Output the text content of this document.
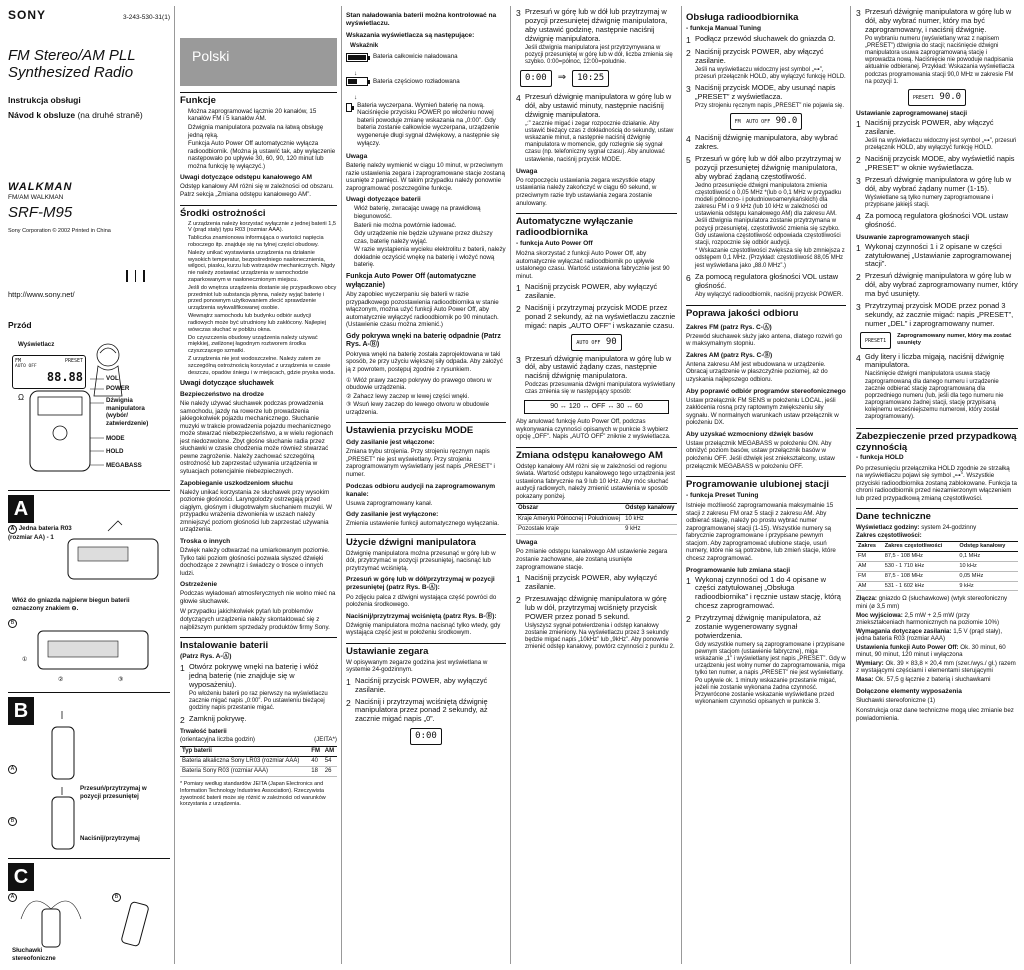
SONY	3-243-530-31(1)
FM Stereo/AM PLL
Synthesized Radio
Instrukcja obsługi
Návod k obsluze (na druhé straně)
WALKMAN
FM/AM WALKMAN
SRF-M95
Sony Corporation © 2002 Printed in China
http://www.sony.net/
Przód
Wyświetlacz
FM	PRESET
AUTO OFF
88.88
Ω
VOL
POWER
Dźwignia manipulatora (wybór/ zatwierdzenie)
MODE
HOLD
MEGABASS
A
A Jedna bateria R03 (rozmiar AA) - 1
①
②	③
Włóż do gniazda najpierw biegun baterii oznaczony znakiem ⊖.
B
B
A
Przesuń/przytrzymaj w pozycji przesuniętej
B
Naciśnij/przytrzymaj
C
A	B
Słuchawki stereofoniczne
Polski
Funkcje
• Można zaprogramować łącznie 20 kanałów, 15 kanałów FM i 5 kanałów AM.
• Dźwignia manipulatora pozwala na łatwą obsługę jedną ręką.
• Funkcja Auto Power Off automatycznie wyłącza radioodbiornik. (Można ją ustawić tak, aby wyłączenie następowało po upływie 30, 60, 90, 120 minut lub można funkcję tę wyłączyć.)
Uwagi dotyczące odstępu kanałowego AM

Odstęp kanałowy AM różni się w zależności od obszaru. Patrz sekcja „Zmiana odstępu kanałowego AM”.

Środki ostrożności
• Z urządzenia należy korzystać wyłącznie z jednej baterii 1,5 V (prąd stały) typu R03 (rozmiar AAA).
• Tabliczka znamionowa informująca o wartości napięcia roboczego itp. znajduje się na tylnej części obudowy.
• Należy unikać wystawiania urządzenia na działanie wysokich temperatur, bezpośredniego nasłonecznienia, wilgoci, piasku, kurzu lub wstrząsów mechanicznych. Nigdy nie należy zostawiać urządzenia w samochodzie zaparkowanym w nasłonecznionym miejscu.
• Jeśli do wnętrza urządzenia dostanie się przypadkowo obcy przedmiot lub substancja płynna, należy wyjąć baterię i przed ponownym użytkowaniem zlecić sprawdzenie urządzenia wykwalifikowanej osobie.
• Wewnątrz samochodu lub budynku odbiór audycji radiowych może być utrudniony lub zakłócony. Najlepiej wówczas słuchać w pobliżu okna.
• Do czyszczenia obudowy urządzenia należy używać miękkiej, zwilżonej łagodnym roztworem środka czyszczącego szmatki.
• Z urządzenia nie jest wodoszczelne. Należy zatem ze szczególną ostrożnością korzystać z urządzenia w czasie deszczu, opadów śniegu i w miejscach, gdzie pryska woda.
Uwagi dotyczące słuchawek
Bezpieczeństwo na drodze

Nie należy używać słuchawek podczas prowadzenia samochodu, jazdy na rowerze lub prowadzenia jakiegokolwiek pojazdu mechanicznego. Słuchanie muzyki w trakcie prowadzenia pojazdu mechanicznego może stwarzać niebezpieczeństwo, a w wielu regionach jest niedozwolone. Zbyt głośne słuchanie radia przez słuchawki w czasie chodzenia może również stwarzać pewne zagrożenie. Należy zachować szczególną ostrożność lub zaprzestać używania urządzenia w sytuacjach potencjalnie niebezpiecznych.

Zapobieganie uszkodzeniom słuchu

Należy unikać korzystania ze słuchawek przy wysokim poziomie głośności. Laryngolodzy ostrzegają przed ciągłym, głośnym i długotrwałym słuchaniem muzyki. W przypadku wrażenia dzwonienia w uszach należy zmniejszyć poziom głośności lub zaprzestać używania urządzenia.

Troska o innych

Dźwięk należy odtwarzać na umiarkowanym poziomie. Tylko taki poziom głośności pozwala słyszeć dźwięki dochodzące z zewnątrz i świadczy o trosce o innych ludzi.

Ostrzeżenie

Podczas wyładowań atmosferycznych nie wolno mieć na głowie słuchawek.

W przypadku jakichkolwiek pytań lub problemów dotyczących urządzenia należy skontaktować się z najbliższym punktem sprzedaży produktów firmy Sony.

Instalowanie baterii
(Patrz Rys. A-Ⓐ)
1 Otwórz pokrywę wnęki na baterię i włóż jedną baterię (nie znajduje się w wyposażeniu).
Po włożeniu baterii po raz pierwszy na wyświetlaczu zacznie migać napis „0:00”. Po ustawieniu bieżącej godziny napis przestanie migać.
2 Zamknij pokrywę.
Trwałość baterii
(orientacyjna liczba godzin)	(JEITA*)
Typ baterii	FM	AM
Bateria alkaliczna Sony LR03 (rozmiar AAA)	40	54
Bateria Sony R03 (rozmiar AAA)	18	26

* Pomiary według standardów JEITA (Japan Electronics and Information Technology Industries Association). Rzeczywista żywotność baterii może się różnić w zależności od warunków korzystania z urządzenia.

Stan naładowania baterii można kontrolować na wyświetlaczu.
Wskazania wyświetlacza są następujące:
Wskaźnik
Bateria całkowicie naładowana
↓
Bateria częściowo rozładowana
↓
Bateria wyczerpana. Wymień baterię na nową. Naciśnięcie przycisku POWER po włożeniu nowej baterii powoduje zmianę wskazania na „0:00”. Gdy bateria zostanie całkowicie wyczerpana, urządzenie wygeneruje długi sygnał dźwiękowy, a następnie się wyłączy.
Uwaga

Baterię należy wymienić w ciągu 10 minut, w przeciwnym razie ustawienia zegara i zaprogramowane stacje zostaną usunięte z pamięci. W takim przypadku należy ponownie zaprogramować poszczególne funkcje.

Uwagi dotyczące baterii
• Włóż baterię, zwracając uwagę na prawidłową biegunowość.
• Baterii nie można powtórnie ładować.
• Gdy urządzenie nie będzie używane przez dłuższy czas, baterię należy wyjąć.
• W razie wystąpienia wycieku elektrolitu z baterii, należy dokładnie oczyścić wnękę na baterię i włożyć nową baterię.
Funkcja Auto Power Off (automatyczne wyłączanie)

Aby zapobiec wyczerpaniu się baterii w razie przypadkowego pozostawienia radioodbiornika w stanie włączonym, można użyć funkcji Auto Power Off, aby automatycznie wyłączyć radioodbiornik po 90 minutach. (Ustawienie czasu można zmienić.)

Gdy pokrywa wnęki na baterię odpadnie (Patrz Rys. A-Ⓑ)

Pokrywa wnęki na baterię została zaprojektowana w taki sposób, że przy użyciu większej siły odpada. Aby założyć ją z powrotem, postępuj zgodnie z rysunkiem.

① Włóż prawy zaczep pokrywy do prawego otworu w obudowie urządzenia.

② Zahacz lewy zaczep w lewej części wnęki.

③ Wsuń lewy zaczep do lewego otworu w obudowie urządzenia.

Ustawienia przycisku MODE
Gdy zasilanie jest włączone:

Zmiana trybu strojenia. Przy strojeniu ręcznym napis „PRESET” nie jest wyświetlany. Przy strojeniu zaprogramowanym wyświetlany jest napis „PRESET” i numer.

Podczas odbioru audycji na zaprogramowanym kanale:

Usuwa zaprogramowany kanał.

Gdy zasilanie jest wyłączone:

Zmienia ustawienie funkcji automatycznego wyłączania.

Użycie dźwigni manipulatora

Dźwignię manipulatora można przesunąć w górę lub w dół, przytrzymać w pozycji przesuniętej, nacisnąć lub przytrzymać wciśniętą.

Przesuń w górę lub w dół/przytrzymaj w pozycji przesuniętej (patrz Rys. B-Ⓐ):

Po zdjęciu palca z dźwigni wystająca część powróci do położenia środkowego.

Naciśnij/przytrzymaj wciśniętą (patrz Rys. B-Ⓑ):

Dźwignię manipulatora można nacisnąć tylko wtedy, gdy wystająca część jest w położeniu środkowym.

Ustawianie zegara

W opisywanym zegarze godzina jest wyświetlana w systemie 24-godzinnym.

1 Naciśnij przycisk POWER, aby wyłączyć zasilanie.
2 Naciśnij i przytrzymaj wciśniętą dźwignię manipulatora przez ponad 2 sekundy, aż zacznie migać napis „0”.
0:00
3 Przesuń w górę lub w dół lub przytrzymaj w pozycji przesuniętej dźwignię manipulatora, aby ustawić godzinę, następnie naciśnij dźwignię manipulatora.
Jeśli dźwignia manipulatora jest przytrzymywana w pozycji przesuniętej w górę lub w dół, liczba zmienia się szybko. 0:00=północ, 12:00=południe.
0:00	⇒	10:25
4 Przesuń dźwignię manipulatora w górę lub w dół, aby ustawić minuty, następnie naciśnij dźwignię manipulatora.
„:” zacznie migać i zegar rozpocznie działanie. Aby ustawić bieżący czas z dokładnością do sekundy, ustaw wskazanie minut, a następnie naciśnij dźwignię manipulatora w momencie, gdy rozlegnie się sygnał czasu (np. telefoniczny sygnał czasu). Aby anulować ustawienie, naciśnij przycisk MODE.
Uwaga

Po rozpoczęciu ustawiania zegara wszystkie etapy ustawiania należy zakończyć w ciągu 60 sekund, w przeciwnym razie tryb ustawiania zegara zostanie anulowany.

Automatyczne wyłączanie radioodbiornika
- funkcja Auto Power Off

Można skorzystać z funkcji Auto Power Off, aby automatycznie wyłączać radioodbiornik po upływie ustalonego czasu. Wartość ustawiona fabrycznie jest 90 minut.

1 Naciśnij przycisk POWER, aby wyłączyć zasilanie.
2 Naciśnij i przytrzymaj przycisk MODE przez ponad 2 sekundy, aż na wyświetlaczu zacznie migać: napis „AUTO OFF” i wskazanie czasu.
AUTO OFF 90
3 Przesuń dźwignię manipulatora w górę lub w dół, aby ustawić żądany czas, następnie naciśnij dźwignię manipulatora.
Podczas przesuwania dźwigni manipulatora wyświetlany czas zmienia się w następujący sposób:
90 ↔ 120 ↔ OFF ↔ 30 ↔ 60

Aby anulować funkcję Auto Power Off, podczas wykonywania czynności opisanych w punkcie 3 wybierz opcję „OFF”. Napis „AUTO OFF” zniknie z wyświetlacza.

Zmiana odstępu kanałowego AM

Odstęp kanałowy AM różni się w zależności od regionu świata. Wartość odstępu kanałowego tego urządzenia jest ustawiona fabrycznie na 9 lub 10 kHz. Aby móc słuchać audycji radiowych, należy zmienić ustawienia w sposób pokazany poniżej.

Obszar	Odstęp kanałowy
Kraje Ameryki Północnej i Południowej	10 kHz
Pozostałe kraje	9 kHz
Uwaga

Po zmianie odstępu kanałowego AM ustawienie zegara zostanie zachowane, ale zostaną usunięte zaprogramowane stacje.

1 Naciśnij przycisk POWER, aby wyłączyć zasilanie.
2 Przesuwając dźwignię manipulatora w górę lub w dół, przytrzymaj wciśnięty przycisk POWER przez ponad 5 sekund.
Usłyszysz sygnał potwierdzenia i odstęp kanałowy zostanie zmieniony. Na wyświetlaczu przez 3 sekundy będzie migać napis „10kHz” lub „9kHz”. Aby ponownie zmienić odstęp kanałowy, powtórz czynności z punktu 2.
Obsługa radioodbiornika
- funkcja Manual Tuning
1 Podłącz przewód słuchawek do gniazda Ω.
2 Naciśnij przycisk POWER, aby włączyć zasilanie.
Jeśli na wyświetlaczu widoczny jest symbol „⊶”, przesuń przełącznik HOLD, aby wyłączyć funkcję HOLD.
3 Naciśnij przycisk MODE, aby usunąć napis „PRESET” z wyświetlacza.
Przy strojeniu ręcznym napis „PRESET” nie pojawia się.
FM AUTO OFF 90.0
4 Naciśnij dźwignię manipulatora, aby wybrać zakres.
5 Przesuń w górę lub w dół albo przytrzymaj w pozycji przesuniętej dźwignię manipulatora, aby wybrać żądaną częstotliwość.
Jedno przesunięcie dźwigni manipulatora zmienia częstotliwość o 0,05 MHz *(lub o 0,1 MHz w przypadku modeli północno- i południowoamerykańskich) dla zakresu FM i o 9 kHz (lub 10 kHz w zależności od ustawienia odstępu kanałowego AM) dla zakresu AM. Jeśli dźwignia manipulatora zostanie przytrzymana w pozycji przesuniętej, częstotliwość zmienia się szybko. Gdy ustawiona częstotliwość odpowiada częstotliwości stacji, rozpocznie się odbiór audycji.
* Wskazanie częstotliwości zwiększa się lub zmniejsza z odstępem 0,1 MHz. (Przykład: częstotliwość 88,05 MHz jest wyświetlana jako „88.0 MHz”.)
6 Za pomocą regulatora głośności VOL ustaw głośność.
Aby wyłączyć radioodbiornik, naciśnij przycisk POWER.
Poprawa jakości odbioru
Zakres FM (patrz Rys. C-Ⓐ)

Przewód słuchawek służy jako antena, dlatego rozwiń go w maksymalnym stopniu.

Zakres AM (patrz Rys. C-Ⓑ)

Antena zakresu AM jest wbudowana w urządzenie. Obracaj urządzenie w płaszczyźnie poziomej, aż do uzyskania najlepszego odbioru.

Aby poprawić odbiór programów stereofonicznego

Ustaw przełącznik FM SENS w położeniu LOCAL, jeśli zakłócenia rosną przy raptownym zwiększeniu siły sygnału. W normalnych warunkach ustaw przełącznik w położeniu DX.

Aby uzyskać wzmocniony dźwięk basów

Ustaw przełącznik MEGABASS w położeniu ON. Aby obniżyć poziom basów, ustaw przełącznik basów w położeniu OFF. Jeśli dźwięk jest zniekształcony, ustaw przełącznik MEGABASS w położeniu OFF.

Programowanie ulubionej stacji
- funkcja Preset Tuning

Istnieje możliwość zaprogramowania maksymalnie 15 stacji z zakresu FM oraz 5 stacji z zakresu AM. Aby odbierać stację, należy po prostu wybrać numer zaprogramowanej stacji (1-15). Wszystkie numery są fabrycznie zaprogramowane i przypisane pewnym stacjom. Aby zaprogramować ulubione stacje, usuń numery, które nie są potrzebne, lub zmień stacje, które chcesz zaprogramować.

Programowanie lub zmiana stacji
1 Wykonaj czynności od 1 do 4 opisane w części zatytułowanej „Obsługa radioodbiornika” i ręcznie ustaw stację, którą chcesz zaprogramować.
2 Przytrzymaj dźwignię manipulatora, aż zostanie wygenerowany sygnał potwierdzenia.
Gdy wszystkie numery są zaprogramowane i przypisane pewnym stacjom (ustawienie fabryczne), miga wskazanie „1” i wyświetlany jest napis „PRESET”. Gdy w urządzeniu jest wolny numer do zaprogramowania, miga tylko ten numer, a napis „PRESET” nie jest wyświetlany. Po upływie ok. 1 minuty wskazanie przestanie migać, jeżeli nie zostanie wykonana żadna czynność. Przywrócone zostanie wskazanie wyświetlane przed wykonaniem czynności opisanych w punkcie 3.
3 Przesuń dźwignię manipulatora w górę lub w dół, aby wybrać numer, który ma być zaprogramowany, i naciśnij dźwignię.
Po wybraniu numeru (wyświetlany wraz z napisem „PRESET”) dźwignia do stacji; naciśnięcie dźwigni manipulatora usuwa zaprogramowaną stację i wprowadza nową. Naciśnięcie nie powoduje nadpisania aktualnie odbieranej. Przykład: Wskazania wyświetlacza podczas programowania stacji 90,0 MHz w zakresie FM na pozycji 1.
PRESET1 90.0
Ustawianie zaprogramowanej stacji
1 Naciśnij przycisk POWER, aby włączyć zasilanie.
Jeśli na wyświetlaczu widoczny jest symbol „⊶”, przesuń przełącznik HOLD, aby wyłączyć funkcję HOLD.
2 Naciśnij przycisk MODE, aby wyświetlić napis „PRESET” w oknie wyświetlacza.
3 Przesuń dźwignię manipulatora w górę lub w dół, aby wybrać żądany numer (1-15).
Wyświetlane są tylko numery zaprogramowane i przypisane jakiejś stacji.
4 Za pomocą regulatora głośności VOL ustaw głośność.
Usuwanie zaprogramowanych stacji
1 Wykonaj czynności 1 i 2 opisane w części zatytułowanej „Ustawianie zaprogramowanej stacji”.
2 Przesuń dźwignię manipulatora w górę lub w dół, aby wybrać zaprogramowany numer, który ma być usunięty.
3 Przytrzymaj przycisk MODE przez ponad 3 sekundy, aż zacznie migać: napis „PRESET”, numer „DEL” i zaprogramowany numer.
PRESET1
Zaprogramowany numer, który ma zostać usunięty
4 Gdy litery i liczba migają, naciśnij dźwignię manipulatora.
Naciśnięcie dźwigni manipulatora usuwa stację zaprogramowaną dla danego numeru i urządzenie zacznie odbierać stację zaprogramowaną dla poprzedniego numeru (lub, jeśli dla tego numeru nie zaprogramowano żadnej stacji, stację przypisaną kolejnemu wcześniejszemu numerowi, który został zaprogramowany).
Zabezpieczenie przed przypadkową czynnością
- funkcja HOLD

Po przesunięciu przełącznika HOLD zgodnie ze strzałką na wyświetlaczu pojawi się symbol „⊶”. Wszystkie przyciski radioodbiornika zostaną zablokowane. Funkcja ta chroni radioodbiornik przed niezamierzonym włączeniem lub przed przypadkową zmianą częstotliwości.

Dane techniczne

Wyświetlacz godziny: system 24-godzinny

Zakres częstotliwości:

Zakres	Zakres częstotliwości	Odstęp kanałowy
FM	87,5 - 108 MHz	0,1 MHz
AM	530 - 1 710 kHz	10 kHz
FM	87,5 - 108 MHz	0,05 MHz
AM	531 - 1 602 kHz	9 kHz

Złącza: gniazdo Ω (słuchawkowe) (wtyk stereofoniczny mini (ø 3,5 mm)

Moc wyjściowa: 2,5 mW + 2,5 mW (przy zniekształceniach harmonicznych na poziomie 10%)

Wymagania dotyczące zasilania: 1,5 V (prąd stały), jedna bateria R03 (rozmiar AAA)

Ustawienia funkcji Auto Power Off: Ok. 30 minut, 60 minut, 90 minut, 120 minut i wyłączona

Wymiary: Ok. 39 × 83,8 × 20,4 mm (szer./wys./ gł.) razem z wystającymi częściami i elementami sterującymi

Masa: Ok. 57,5 g łącznie z baterią i słuchawkami

Dołączone elementy wyposażenia

Słuchawki stereofoniczne (1)

Konstrukcja oraz dane techniczne mogą ulec zmianie bez powiadomienia.
